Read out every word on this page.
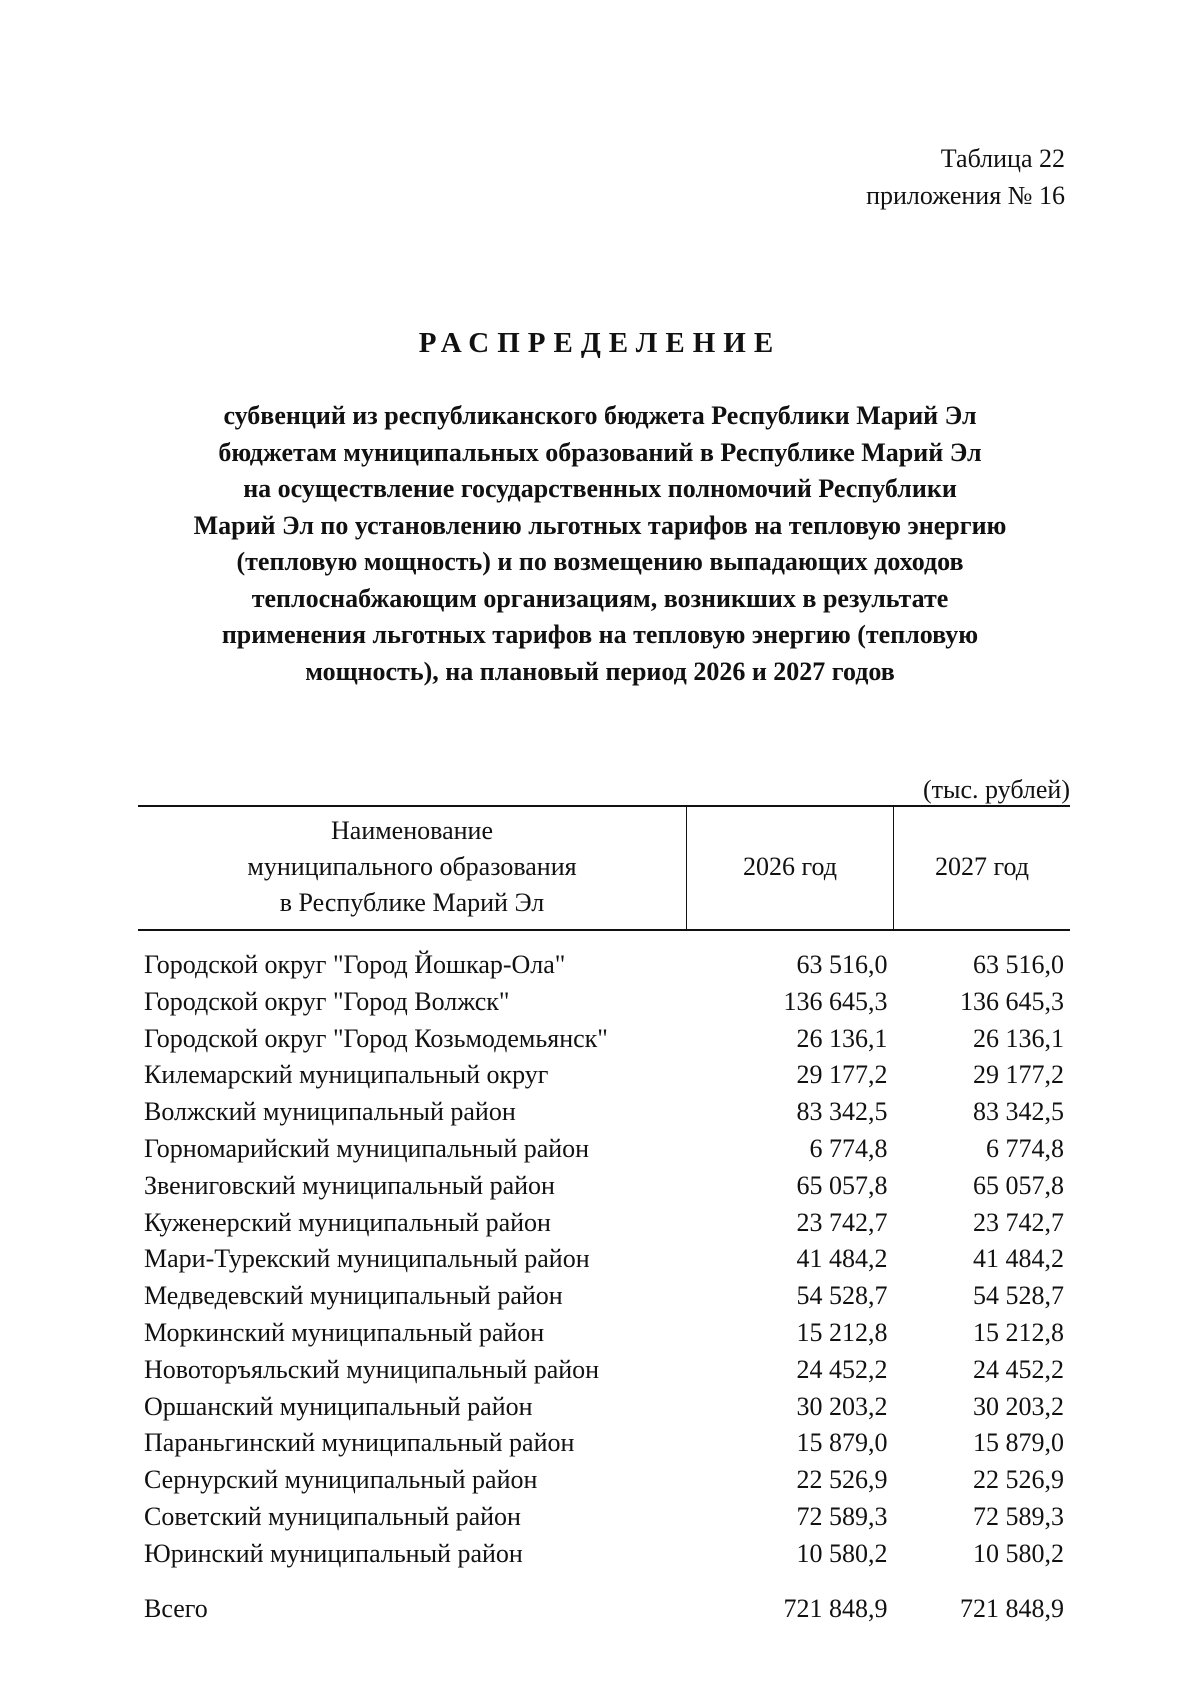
Таблица 22
приложения № 16
РАСПРЕДЕЛЕНИЕ
субвенций из республиканского бюджета Республики Марий Эл
бюджетам муниципальных образований в Республике Марий Эл
на осуществление государственных полномочий Республики
Марий Эл по установлению льготных тарифов на тепловую энергию
(тепловую мощность) и по возмещению выпадающих доходов
теплоснабжающим организациям, возникших в результате
применения льготных тарифов на тепловую энергию (тепловую
мощность), на плановый период 2026 и 2027 годов
(тыс. рублей)
Наименование
муниципального образования
в Республике Марий Эл	2026 год	2027 год

Городской округ "Город Йошкар-Ола"	63 516,0	63 516,0
Городской округ "Город Волжск"	136 645,3	136 645,3
Городской округ "Город Козьмодемьянск"	26 136,1	26 136,1
Килемарский муниципальный округ	29 177,2	29 177,2
Волжский муниципальный район	83 342,5	83 342,5
Горномарийский муниципальный район	6 774,8	6 774,8
Звениговский муниципальный район	65 057,8	65 057,8
Куженерский муниципальный район	23 742,7	23 742,7
Мари-Турекский муниципальный район	41 484,2	41 484,2
Медведевский муниципальный район	54 528,7	54 528,7
Моркинский муниципальный район	15 212,8	15 212,8
Новоторъяльский муниципальный район	24 452,2	24 452,2
Оршанский муниципальный район	30 203,2	30 203,2
Параньгинский муниципальный район	15 879,0	15 879,0
Сернурский муниципальный район	22 526,9	22 526,9
Советский муниципальный район	72 589,3	72 589,3
Юринский муниципальный район	10 580,2	10 580,2
Всего	721 848,9	721 848,9
